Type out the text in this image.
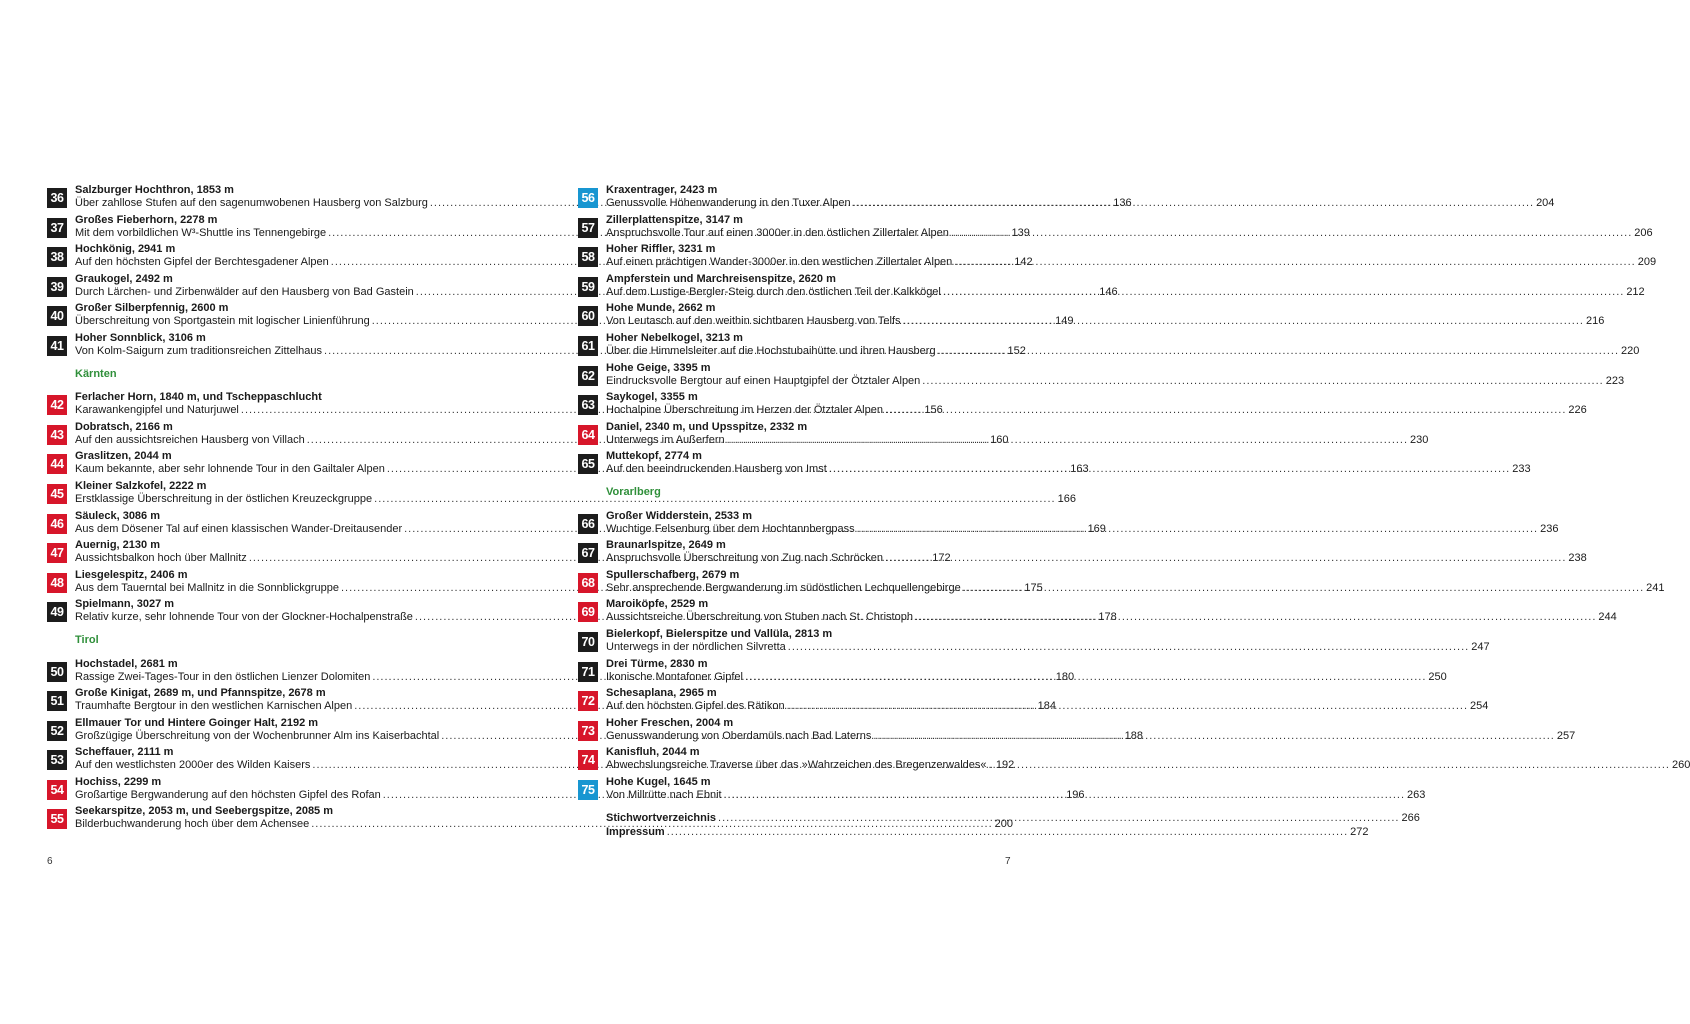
36
Salzburger Hochthron, 1853 m
Über zahllose Stufen auf den sagenumwobenen Hausberg von Salzburg .....	136
37
Großes Fieberhorn, 2278 m
Mit dem vorbildlichen W³-Shuttle ins Tennengebirge .....	139
38
Hochkönig, 2941 m
Auf den höchsten Gipfel der Berchtesgadener Alpen .....	142
39
Graukogel, 2492 m
Durch Lärchen- und Zirbenwälder auf den Hausberg von Bad Gastein .....	146
40
Großer Silberpfennig, 2600 m
Überschreitung von Sportgastein mit logischer Linienführung .....	149
41
Hoher Sonnblick, 3106 m
Von Kolm-Saigurn zum traditionsreichen Zittelhaus .....	152
Kärnten
42
Ferlacher Horn, 1840 m, und Tscheppaschlucht
Karawankengipfel und Naturjuwel .....	156
43
Dobratsch, 2166 m
Auf den aussichtsreichen Hausberg von Villach .....	160
44
Graslitzen, 2044 m
Kaum bekannte, aber sehr lohnende Tour in den Gailtaler Alpen .....	163
45
Kleiner Salzkofel, 2222 m
Erstklassige Überschreitung in der östlichen Kreuzeckgruppe .....	166
46
Säuleck, 3086 m
Aus dem Dösener Tal auf einen klassischen Wander-Dreitausender .....	169
47
Auernig, 2130 m
Aussichtsbalkon hoch über Mallnitz .....	172
48
Liesgelespitz, 2406 m
Aus dem Tauerntal bei Mallnitz in die Sonnblickgruppe .....	175
49
Spielmann, 3027 m
Relativ kurze, sehr lohnende Tour von der Glockner-Hochalpenstraße .....	178
Tirol
50
Hochstadel, 2681 m
Rassige Zwei-Tages-Tour in den östlichen Lienzer Dolomiten .....	180
51
Große Kinigat, 2689 m, und Pfannspitze, 2678 m
Traumhafte Bergtour in den westlichen Karnischen Alpen .....	184
52
Ellmauer Tor und Hintere Goinger Halt, 2192 m
Großzügige Überschreitung von der Wochenbrunner Alm ins Kaiserbachtal .....	188
53
Scheffauer, 2111 m
Auf den westlichsten 2000er des Wilden Kaisers .....	192
54
Hochiss, 2299 m
Großartige Bergwanderung auf den höchsten Gipfel des Rofan .....	196
55
Seekarspitze, 2053 m, und Seebergspitze, 2085 m
Bilderbuchwanderung hoch über dem Achensee .....	200
56
Kraxentrager, 2423 m
Genussvolle Höhenwanderung in den Tuxer Alpen .....	204
57
Zillerplattenspitze, 3147 m
Anspruchsvolle Tour auf einen 3000er in den östlichen Zillertaler Alpen .....	206
58
Hoher Riffler, 3231 m
Auf einen prächtigen Wander-3000er in den westlichen Zillertaler Alpen .....	209
59
Ampferstein und Marchreisenspitze, 2620 m
Auf dem Lustige-Bergler-Steig durch den östlichen Teil der Kalkkögel .....	212
60
Hohe Munde, 2662 m
Von Leutasch auf den weithin sichtbaren Hausberg von Telfs .....	216
61
Hoher Nebelkogel, 3213 m
Über die Himmelsleiter auf die Hochstubaihütte und ihren Hausberg .....	220
62
Hohe Geige, 3395 m
Eindrucksvolle Bergtour auf einen Hauptgipfel der Ötztaler Alpen .....	223
63
Saykogel, 3355 m
Hochalpine Überschreitung im Herzen der Ötztaler Alpen .....	226
64
Daniel, 2340 m, und Upsspitze, 2332 m
Unterwegs im Außerfern .....	230
65
Muttekopf, 2774 m
Auf den beeindruckenden Hausberg von Imst .....	233
Vorarlberg
66
Großer Widderstein, 2533 m
Wuchtige Felsenburg über dem Hochtannbergpass .....	236
67
Braunarlspitze, 2649 m
Anspruchsvolle Überschreitung von Zug nach Schröcken .....	238
68
Spullerschafberg, 2679 m
Sehr ansprechende Bergwanderung im südöstlichen Lechquellengebirge .....	241
69
Maroiköpfe, 2529 m
Aussichtsreiche Überschreitung von Stuben nach St. Christoph .....	244
70
Bielerkopf, Bielerspitze und Vallüla, 2813 m
Unterwegs in der nördlichen Silvretta .....	247
71
Drei Türme, 2830 m
Ikonische Montafoner Gipfel .....	250
72
Schesaplana, 2965 m
Auf den höchsten Gipfel des Rätikon .....	254
73
Hoher Freschen, 2004 m
Genusswanderung von Oberdamüls nach Bad Laterns .....	257
74
Kanisfluh, 2044 m
Abwechslungsreiche Traverse über das »Wahrzeichen des Bregenzerwaldes« .....	260
75
Hohe Kugel, 1645 m
Von Millrütte nach Ebnit .....	263
Stichwortverzeichnis .....	266
Impressum .....	272
6	7
